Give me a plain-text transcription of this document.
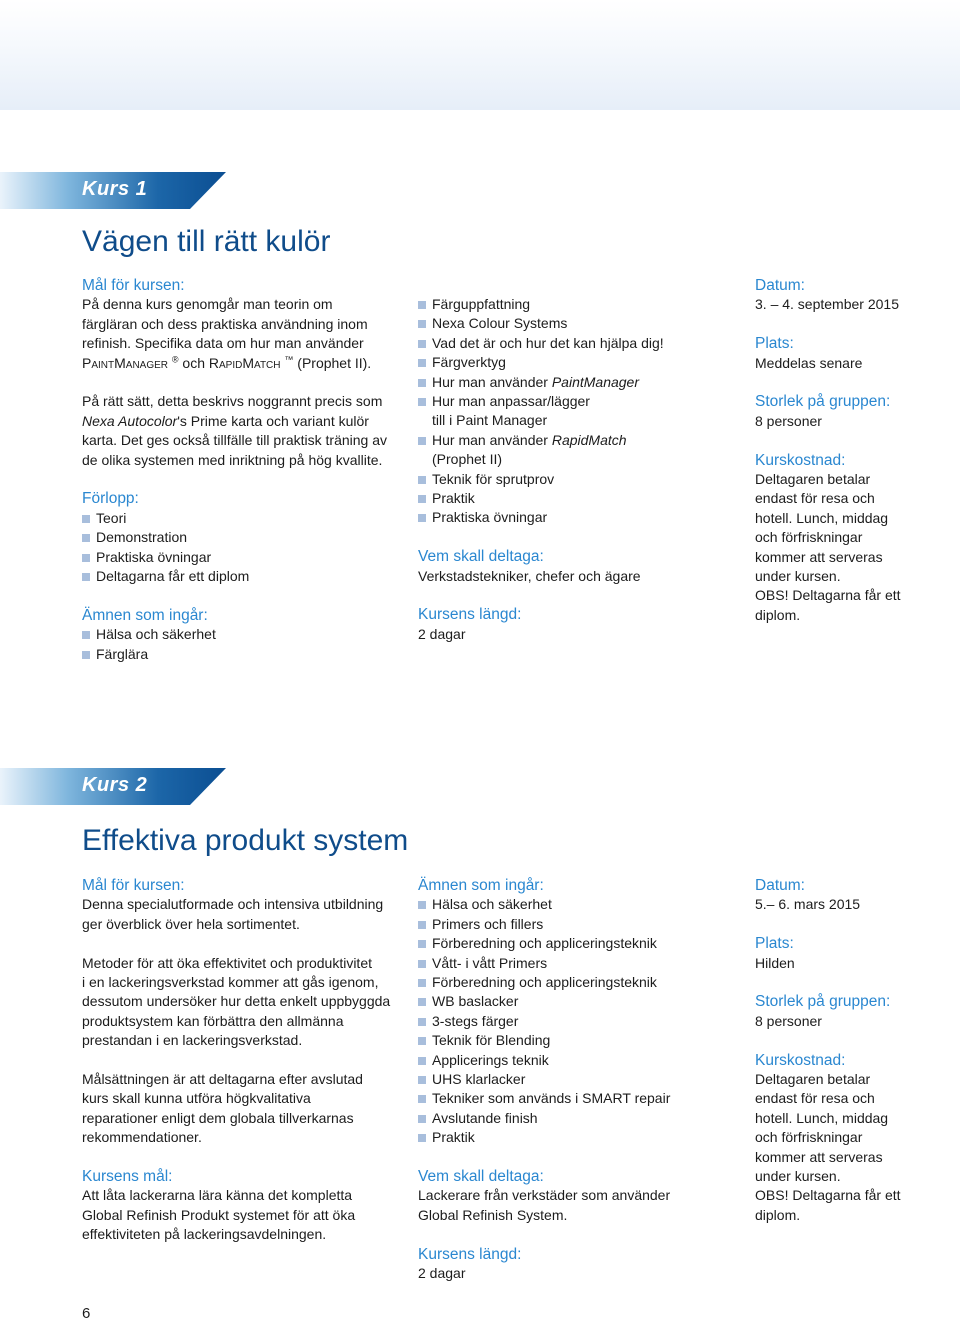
Kurs 1
Vägen till rätt kulör
Mål för kursen:
På denna kurs genomgår man teorin om
färgläran och dess praktiska användning inom
refinish. Specifika data om hur man använder
PaintManager ® och RapidMatch ™ (Prophet II).
På rätt sätt, detta beskrivs noggrannt precis som
Nexa Autocolor's Prime karta och variant kulör
karta. Det ges också tillfälle till praktisk träning av
de olika systemen med inriktning på hög kvallite.
Förlopp:
Teori
Demonstration
Praktiska övningar
Deltagarna får ett diplom
Ämnen som ingår:
Hälsa och säkerhet
Färglära
Färguppfattning
Nexa Colour Systems
Vad det är och hur det kan hjälpa dig!
Färgverktyg
Hur man använder PaintManager
Hur man anpassar/lägger
till i Paint Manager
Hur man använder RapidMatch
(Prophet II)
Teknik för sprutprov
Praktik
Praktiska övningar
Vem skall deltaga:
Verkstadstekniker, chefer och ägare
Kursens längd:
2 dagar
Datum:
3. – 4. september 2015
Plats:
Meddelas senare
Storlek på gruppen:
8 personer
Kurskostnad:
Deltagaren betalar
endast för resa och
hotell. Lunch, middag
och förfriskningar
kommer att serveras
under kursen.
OBS! Deltagarna får ett
diplom.
Kurs 2
Effektiva produkt system
Mål för kursen:
Denna specialutformade och intensiva utbildning
ger överblick över hela sortimentet.
Metoder för att öka effektivitet och produktivitet
i en lackeringsverkstad kommer att gås igenom,
dessutom undersöker hur detta enkelt uppbyggda
produktsystem kan förbättra den allmänna
prestandan i en lackeringsverkstad.
Målsättningen är att deltagarna efter avslutad
kurs skall kunna utföra högkvalitativa
reparationer enligt dem globala tillverkarnas
rekommendationer.
Kursens mål:
Att låta lackerarna lära känna det kompletta
Global Refinish Produkt systemet för att öka
effektiviteten på lackeringsavdelningen.
Ämnen som ingår:
Hälsa och säkerhet
Primers och fillers
Förberedning och appliceringsteknik
Vått- i vått Primers
Förberedning och appliceringsteknik
WB baslacker
3-stegs färger
Teknik för Blending
Applicerings teknik
UHS klarlacker
Tekniker som används i SMART repair
Avslutande finish
Praktik
Vem skall deltaga:
Lackerare från verkstäder som använder
Global Refinish System.
Kursens längd:
2 dagar
Datum:
5.– 6. mars 2015
Plats:
Hilden
Storlek på gruppen:
8 personer
Kurskostnad:
Deltagaren betalar
endast för resa och
hotell. Lunch, middag
och förfriskningar
kommer att serveras
under kursen.
OBS! Deltagarna får ett
diplom.
6
